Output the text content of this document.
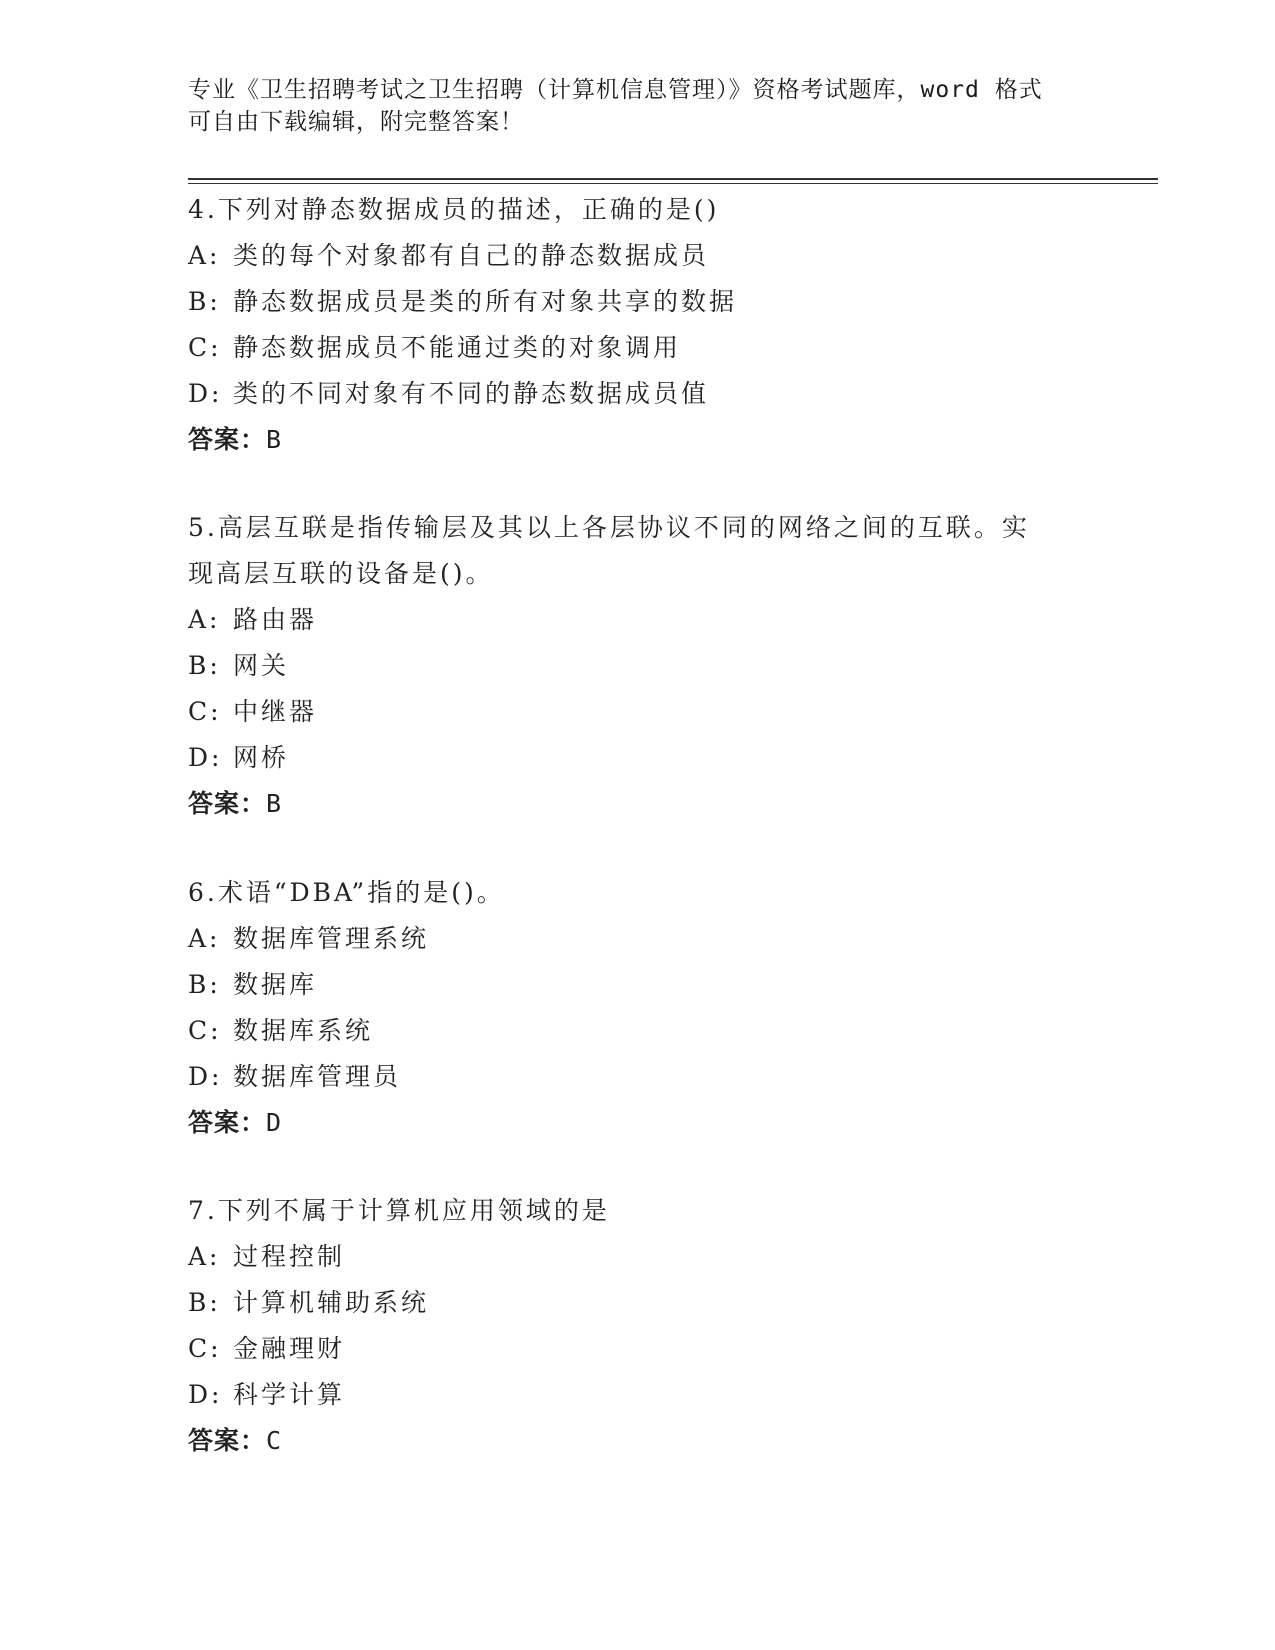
专业《卫生招聘考试之卫生招聘（计算机信息管理）》资格考试题库，word 格式
可自由下载编辑，附完整答案！
4.下列对静态数据成员的描述，正确的是()
A: 类的每个对象都有自己的静态数据成员
B: 静态数据成员是类的所有对象共享的数据
C: 静态数据成员不能通过类的对象调用
D: 类的不同对象有不同的静态数据成员值
答案：B
5.高层互联是指传输层及其以上各层协议不同的网络之间的互联。实
现高层互联的设备是()。
A: 路由器
B: 网关
C: 中继器
D: 网桥
答案：B
6.术语“DBA”指的是()。
A: 数据库管理系统
B: 数据库
C: 数据库系统
D: 数据库管理员
答案：D
7.下列不属于计算机应用领域的是
A: 过程控制
B: 计算机辅助系统
C: 金融理财
D: 科学计算
答案：C
